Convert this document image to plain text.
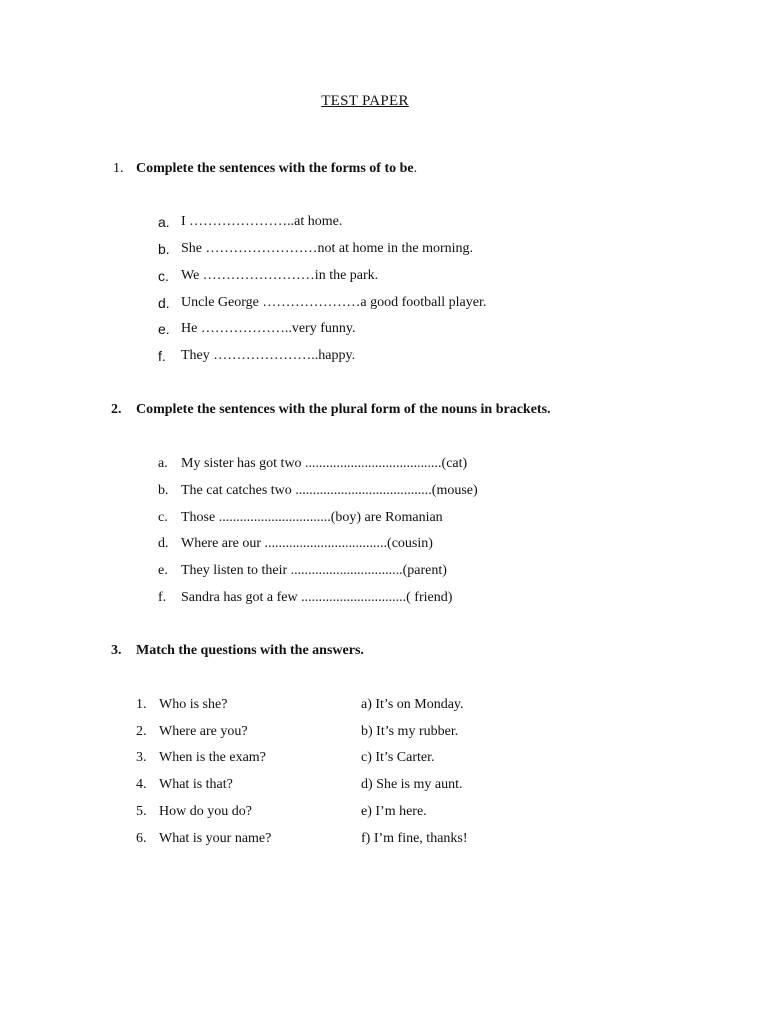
TEST PAPER
1. Complete the sentences with the forms of to be.
a. I …………………..at home.
b. She ……………………not at home in the morning.
c. We ……………………in the park.
d. Uncle George …………………a good football player.
e. He ………………..very funny.
f. They …………………..happy.
2. Complete the sentences with the plural form of the nouns in brackets.
a. My sister has got two .......................................(cat)
b. The cat catches two .......................................(mouse)
c. Those ................................(boy) are Romanian
d. Where are our ...................................(cousin)
e. They listen to their ................................(parent)
f. Sandra has got a few ..............................( friend)
3. Match the questions with the answers.
1. Who is she?	a) It’s on Monday.
2. Where are you?	b) It’s my rubber.
3. When is the exam?	c) It’s Carter.
4. What is that?	d) She is my aunt.
5. How do you do?	e) I’m here.
6. What is your name?	f) I’m fine, thanks!
